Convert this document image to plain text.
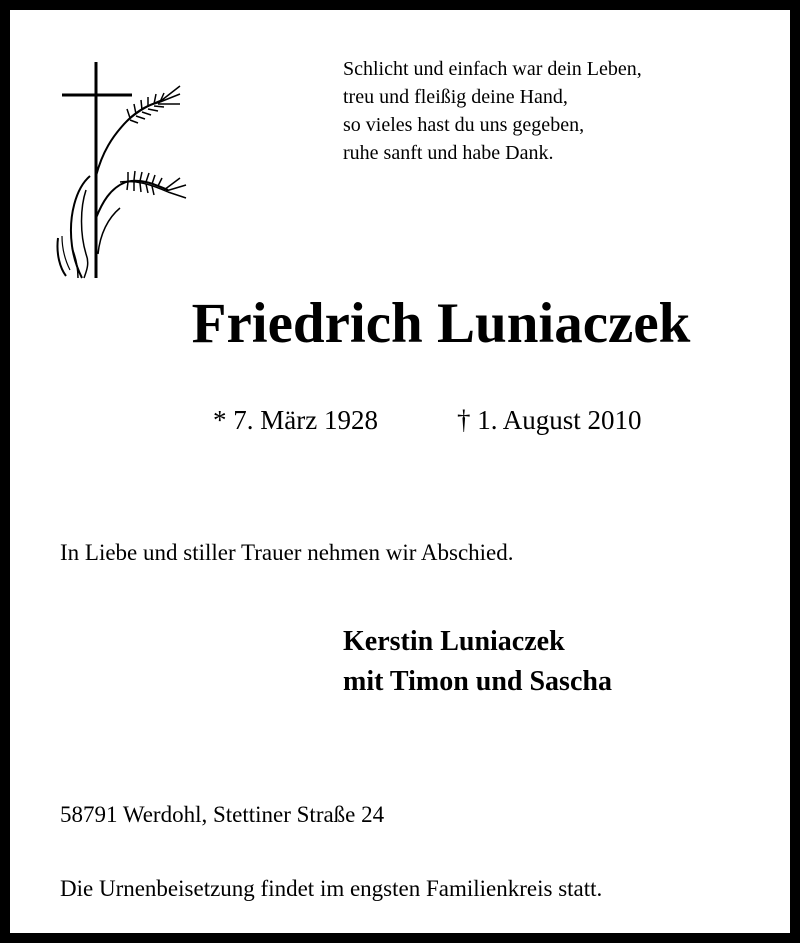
Schlicht und einfach war dein Leben,
treu und fleißig deine Hand,
so vieles hast du uns gegeben,
ruhe sanft und habe Dank.
Friedrich Luniaczek
* 7. März 1928	† 1. August 2010
In Liebe und stiller Trauer nehmen wir Abschied.
Kerstin Luniaczek
mit Timon und Sascha
58791 Werdohl, Stettiner Straße 24
Die Urnenbeisetzung findet im engsten Familienkreis statt.
